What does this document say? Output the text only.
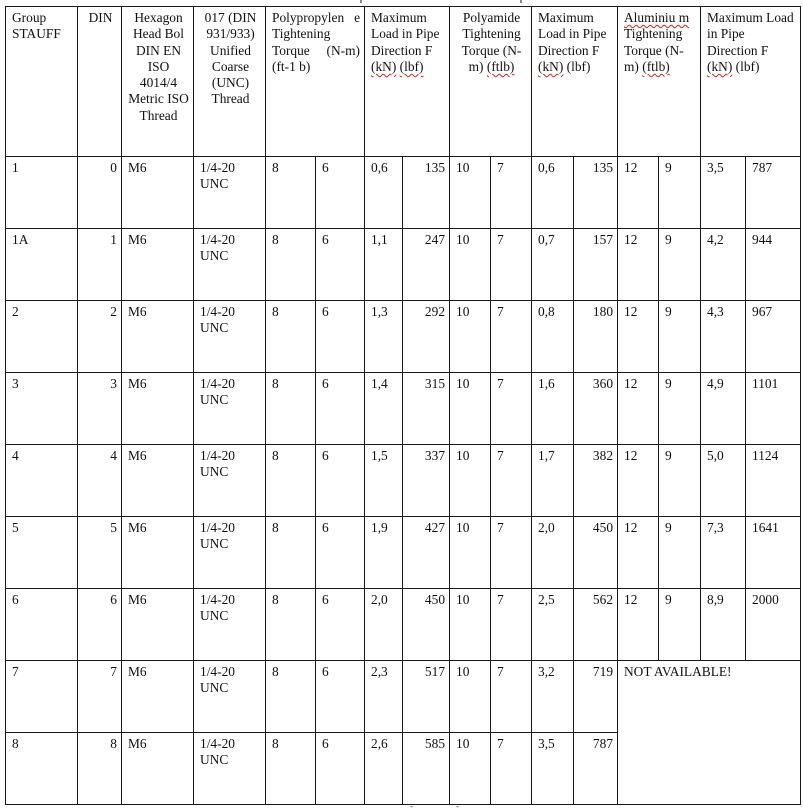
Group STAUFF	DIN	Hexagon Head Bol DIN EN ISO 4014/4 Metric ISO Thread	017 (DIN 931/933) Unified Coarse (UNC) Thread	Polypropylen e Tightening Torque (N-m) (ft-1 b)		Maximum Load in Pipe Direction F (kN) (lbf)		Polyamide Tightening Torque (N-m) (ftlb)		Maximum Load in Pipe Direction F (kN) (lbf)		Aluminiu m Tightening Torque (N-m) (ftlb)		Maximum Load in Pipe Direction F (kN) (lbf)	
1	0	M6	1/4-20 UNC	8	6	0,6	135	10	7	0,6	135	12	9	3,5	787
1A	1	M6	1/4-20 UNC	8	6	1,1	247	10	7	0,7	157	12	9	4,2	944
2	2	M6	1/4-20 UNC	8	6	1,3	292	10	7	0,8	180	12	9	4,3	967
3	3	M6	1/4-20 UNC	8	6	1,4	315	10	7	1,6	360	12	9	4,9	1101
4	4	M6	1/4-20 UNC	8	6	1,5	337	10	7	1,7	382	12	9	5,0	1124
5	5	M6	1/4-20 UNC	8	6	1,9	427	10	7	2,0	450	12	9	7,3	1641
6	6	M6	1/4-20 UNC	8	6	2,0	450	10	7	2,5	562	12	9	8,9	2000
7	7	M6	1/4-20 UNC	8	6	2,3	517	10	7	3,2	719	NOT AVAILABLE!			
8	8	M6	1/4-20 UNC	8	6	2,6	585	10	7	3,5	787				
-	-
